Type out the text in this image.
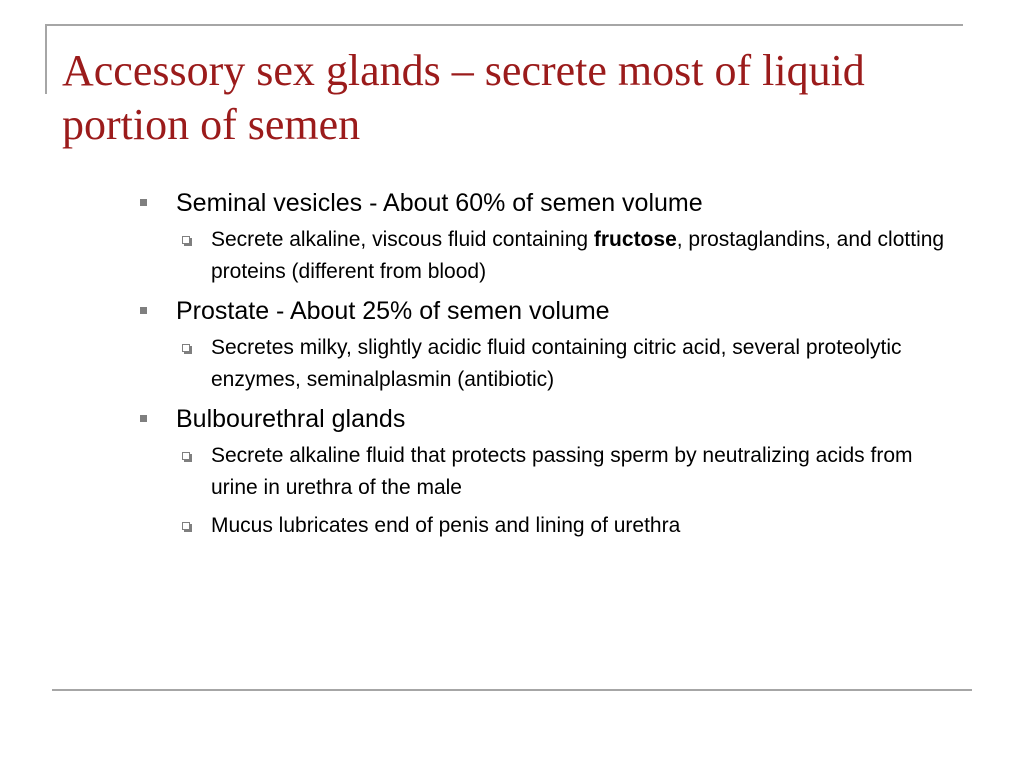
Accessory sex glands – secrete most of liquid portion of semen
Seminal vesicles - About 60% of semen volume
Secrete alkaline, viscous fluid containing fructose, prostaglandins, and clotting proteins (different from blood)
Prostate - About 25% of semen volume
Secretes milky, slightly acidic fluid containing citric acid, several proteolytic enzymes, seminalplasmin (antibiotic)
Bulbourethral glands
Secrete alkaline fluid that protects passing sperm by neutralizing acids from urine in urethra of the male
Mucus lubricates end of penis and lining of urethra
